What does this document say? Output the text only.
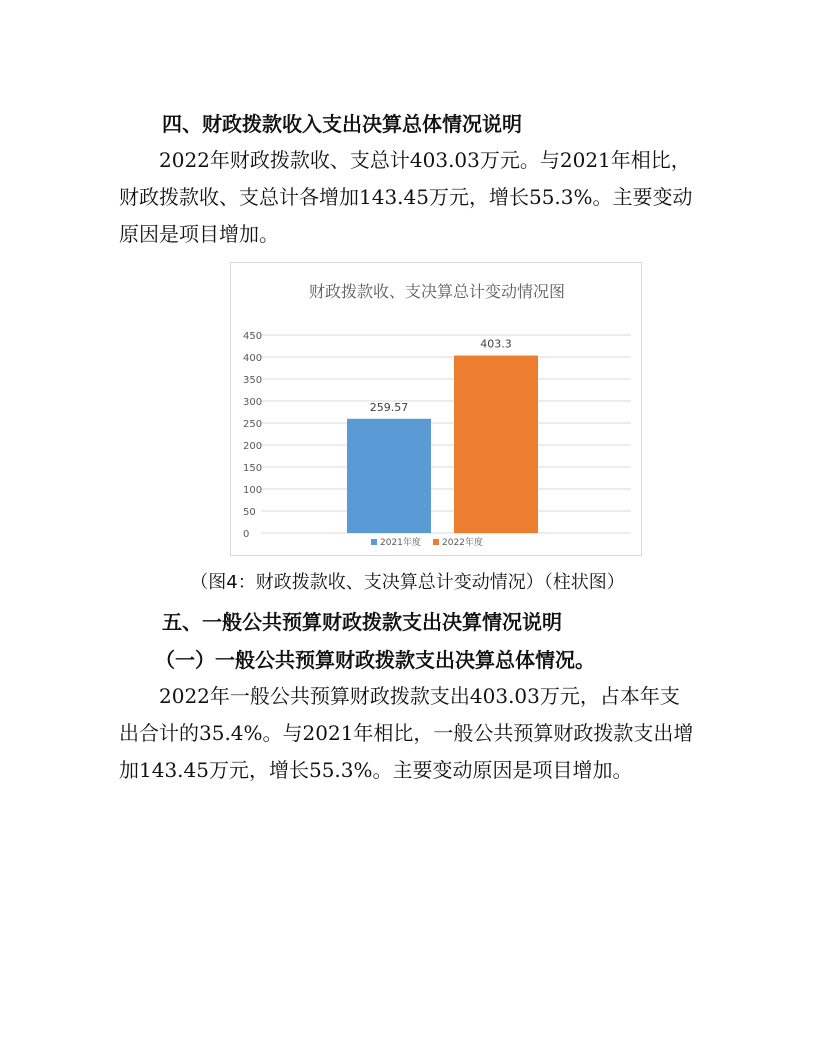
四、财政拨款收入支出决算总体情况说明

2022年财政拨款收、支总计403.03万元。与2021年相比，
财政拨款收、支总计各增加143.45万元，增长55.3%。主要变动
原因是项目增加。

财政拨款收、支决算总计变动情况图
0
50
100
150
200
250
300
350
400
450
259.57
403.3
2021年度 2022年度
（图4：财政拨款收、支决算总计变动情况）（柱状图）
五、一般公共预算财政拨款支出决算情况说明
（一）一般公共预算财政拨款支出决算总体情况。

2022年一般公共预算财政拨款支出403.03万元，占本年支
出合计的35.4%。与2021年相比，一般公共预算财政拨款支出增
加143.45万元，增长55.3%。主要变动原因是项目增加。
